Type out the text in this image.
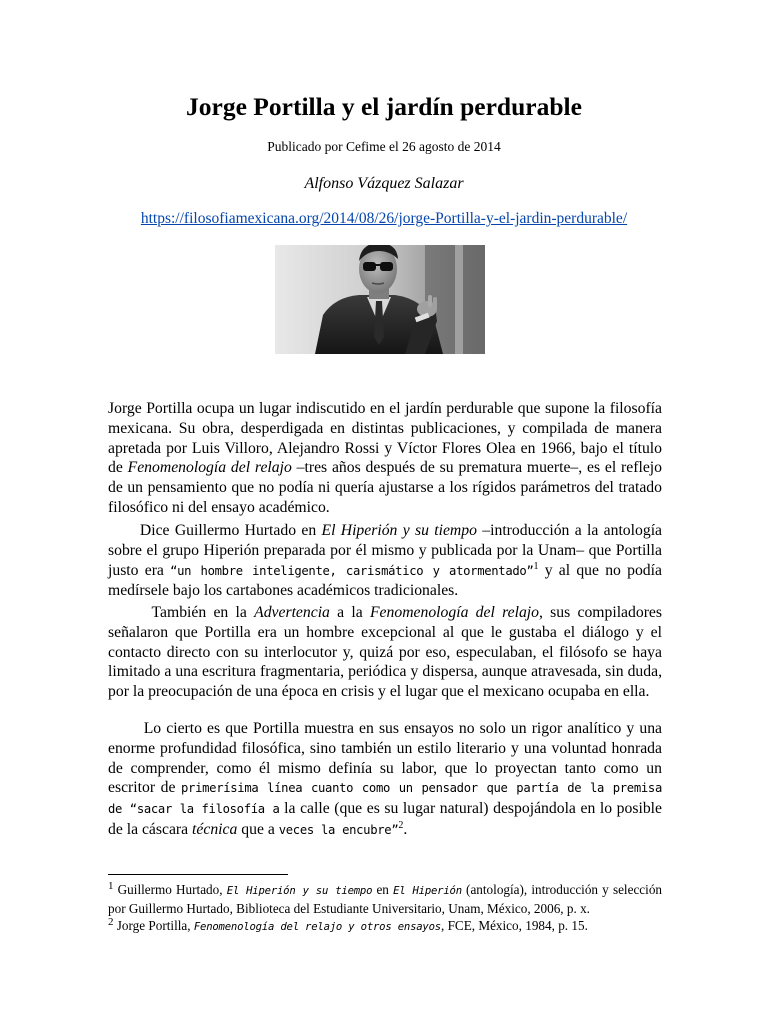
Jorge Portilla y el jardín perdurable
Publicado por Cefime el 26 agosto de 2014
Alfonso Vázquez Salazar
https://filosofiamexicana.org/2014/08/26/jorge-Portilla-y-el-jardin-perdurable/

Jorge Portilla ocupa un lugar indiscutido en el jardín perdurable que supone la filosofía mexicana. Su obra, desperdigada en distintas publicaciones, y compilada de manera apretada por Luis Villoro, Alejandro Rossi y Víctor Flores Olea en 1966, bajo el título de Fenomenología del relajo –tres años después de su prematura muerte–, es el reflejo de un pensamiento que no podía ni quería ajustarse a los rígidos parámetros del tratado filosófico ni del ensayo académico.

Dice Guillermo Hurtado en El Hiperión y su tiempo –introducción a la antología sobre el grupo Hiperión preparada por él mismo y publicada por la Unam– que Portilla justo era “un hombre inteligente, carismático y atormentado”$^1$ y al que no podía medírsele bajo los cartabones académicos tradicionales.

También en la Advertencia a la Fenomenología del relajo, sus compiladores señalaron que Portilla era un hombre excepcional al que le gustaba el diálogo y el contacto directo con su interlocutor y, quizá por eso, especulaban, el filósofo se haya limitado a una escritura fragmentaria, periódica y dispersa, aunque atravesada, sin duda, por la preocupación de una época en crisis y el lugar que el mexicano ocupaba en ella.

Lo cierto es que Portilla muestra en sus ensayos no solo un rigor analítico y una enorme profundidad filosófica, sino también un estilo literario y una voluntad honrada de comprender, como él mismo definía su labor, que lo proyectan tanto como un escritor de primerísima línea cuanto como un pensador que partía de la premisa de “sacar la filosofía a la calle (que es su lugar natural) despojándola en lo posible de la cáscara técnica que a veces la encubre”$^2$.

$^1$ Guillermo Hurtado, El Hiperión y su tiempo en El Hiperión (antología), introducción y selección por Guillermo Hurtado, Biblioteca del Estudiante Universitario, Unam, México, 2006, p. x.

$^2$ Jorge Portilla, Fenomenología del relajo y otros ensayos, FCE, México, 1984, p. 15.
